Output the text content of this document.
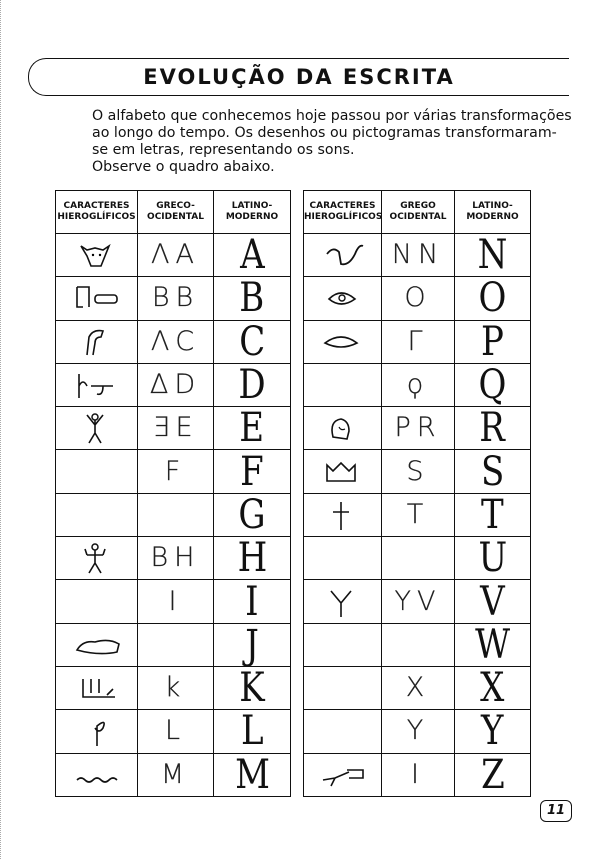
EVOLUÇÃO DA ESCRITA

O alfabeto que conhecemos hoje passou por várias transformações ao longo do tempo. Os desenhos ou pictogramas transformaram-se em letras, representando os sons.

Observe o quadro abaixo.

CARACTERES HIEROGLÍFICOS	GRECO-OCIDENTAL	LATINO-MODERNO

	ΛA	A

	BB	B

	ΛC	C

	ΔD	D

	ƎE	E
	F	F
		G

	ΒΗ	H
	I	I

		J

	k	K

	L	L

	M	M
CARACTERES HIEROGLÍFICOS	GREGO OCIDENTAL	LATINO-MODERNO

	NN	N

	O	O

	Γ	P
	ϙ	Q

	PR	R

	S	S

	T	T
		U

	YV	V
		W
	X	X
	Y	Y

	I	Z
11
